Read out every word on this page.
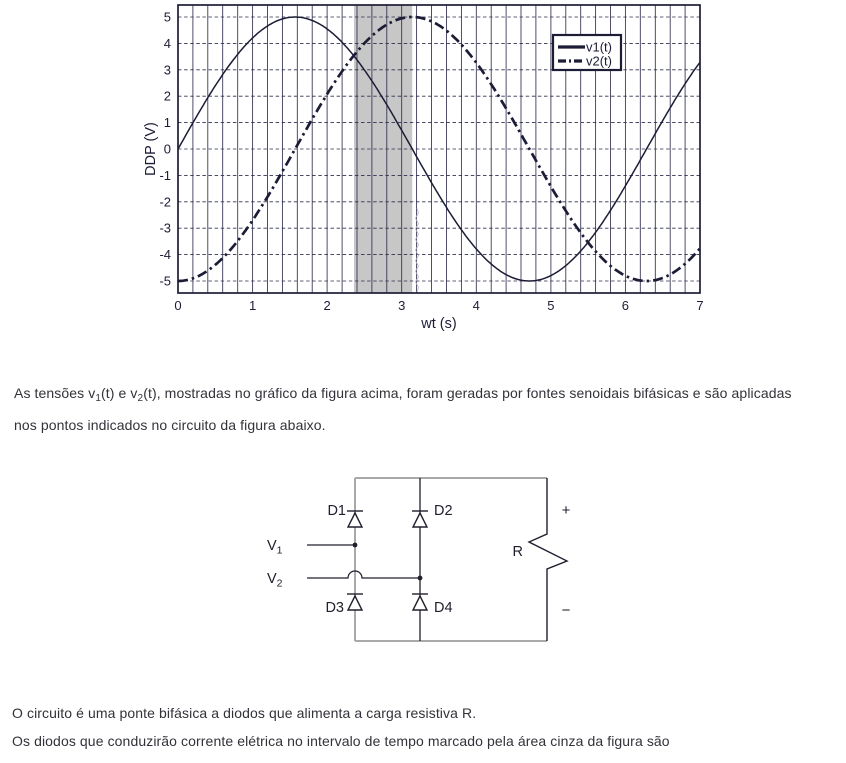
0	1	2	3	4	5	6	7
5
4
3
2
1
0
-1
-2
-3
-4
-5
wt (s)
DDP (V)
v1(t)
v2(t)

As tensões $v_1(t)$ e $v_2(t)$, mostradas no gráfico da figura acima, foram geradas por fontes senoidais bifásicas e são aplicadas
nos pontos indicados no circuito da figura abaixo.

D1	D2
D3	D4
$V_1$
$V_2$
R
+
−

O circuito é uma ponte bifásica a diodos que alimenta a carga resistiva R.

Os diodos que conduzirão corrente elétrica no intervalo de tempo marcado pela área cinza da figura são
